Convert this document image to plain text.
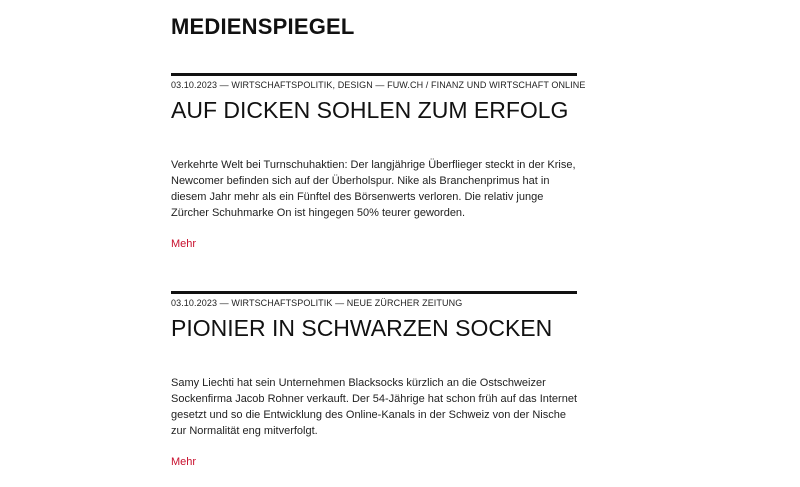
MEDIENSPIEGEL
03.10.2023 — WIRTSCHAFTSPOLITIK, DESIGN — FUW.CH / FINANZ UND WIRTSCHAFT ONLINE
AUF DICKEN SOHLEN ZUM ERFOLG

Verkehrte Welt bei Turnschuhaktien: Der langjährige Überflieger steckt in der Krise, Newcomer befinden sich auf der Überholspur. Nike als Branchenprimus hat in diesem Jahr mehr als ein Fünftel des Börsenwerts verloren. Die relativ junge Zürcher Schuhmarke On ist hingegen 50% teurer geworden.

Mehr
03.10.2023 — WIRTSCHAFTSPOLITIK — NEUE ZÜRCHER ZEITUNG
PIONIER IN SCHWARZEN SOCKEN

Samy Liechti hat sein Unternehmen Blacksocks kürzlich an die Ostschweizer Sockenfirma Jacob Rohner verkauft. Der 54-Jährige hat schon früh auf das Internet gesetzt und so die Entwicklung des Online-Kanals in der Schweiz von der Nische zur Normalität eng mitverfolgt.

Mehr
